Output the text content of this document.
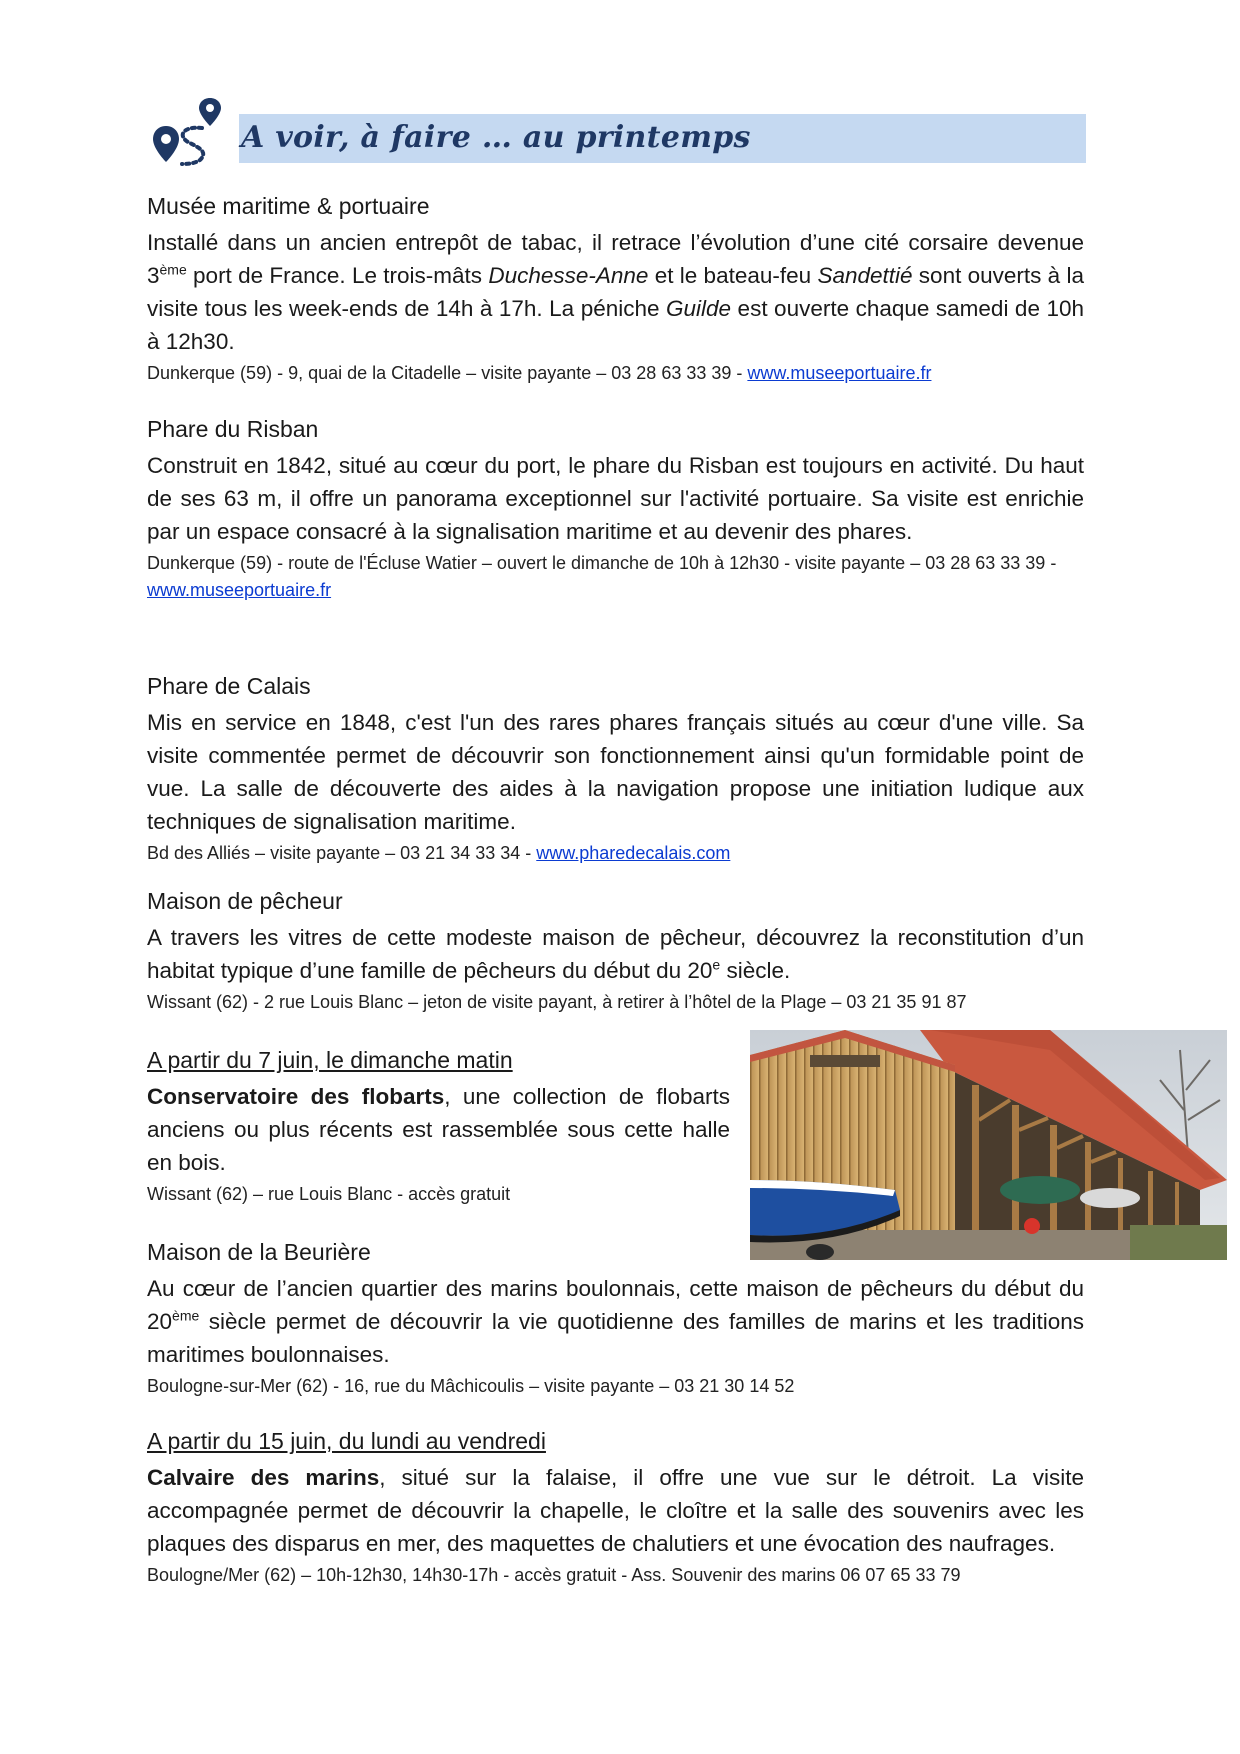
A voir, à faire … au printemps
Musée maritime & portuaire

Installé dans un ancien entrepôt de tabac, il retrace l’évolution d’une cité corsaire devenue 3ème port de France. Le trois-mâts Duchesse-Anne et le bateau-feu Sandettié sont ouverts à la visite tous les week-ends de 14h à 17h. La péniche Guilde est ouverte chaque samedi de 10h à 12h30.

Dunkerque (59) - 9, quai de la Citadelle – visite payante – 03 28 63 33 39 - www.museeportuaire.fr

Phare du Risban

Construit en 1842, situé au cœur du port, le phare du Risban est toujours en activité. Du haut de ses 63 m, il offre un panorama exceptionnel sur l'activité portuaire. Sa visite est enrichie par un espace consacré à la signalisation maritime et au devenir des phares.

Dunkerque (59) - route de l'Écluse Watier – ouvert le dimanche de 10h à 12h30 - visite payante – 03 28 63 33 39 - www.museeportuaire.fr

Phare de Calais

Mis en service en 1848, c'est l'un des rares phares français situés au cœur d'une ville. Sa visite commentée permet de découvrir son fonctionnement ainsi qu'un formidable point de vue. La salle de découverte des aides à la navigation propose une initiation ludique aux techniques de signalisation maritime.

Bd des Alliés – visite payante – 03 21 34 33 34 - www.pharedecalais.com

Maison de pêcheur

A travers les vitres de cette modeste maison de pêcheur, découvrez la reconstitution d’un habitat typique d’une famille de pêcheurs du début du 20e siècle.

Wissant (62) - 2 rue Louis Blanc – jeton de visite payant, à retirer à l’hôtel de la Plage – 03 21 35 91 87

A partir du 7 juin, le dimanche matin

Conservatoire des flobarts, une collection de flobarts anciens ou plus récents est rassemblée sous cette halle en bois.

Wissant (62) – rue Louis Blanc - accès gratuit

Maison de la Beurière

Au cœur de l’ancien quartier des marins boulonnais, cette maison de pêcheurs du début du 20ème siècle permet de découvrir la vie quotidienne des familles de marins et les traditions maritimes boulonnaises.

Boulogne-sur-Mer (62) - 16, rue du Mâchicoulis – visite payante – 03 21 30 14 52

A partir du 15 juin, du lundi au vendredi

Calvaire des marins, situé sur la falaise, il offre une vue sur le détroit. La visite accompagnée permet de découvrir la chapelle, le cloître et la salle des souvenirs avec les plaques des disparus en mer, des maquettes de chalutiers et une évocation des naufrages.

Boulogne/Mer (62) – 10h-12h30, 14h30-17h - accès gratuit - Ass. Souvenir des marins 06 07 65 33 79
